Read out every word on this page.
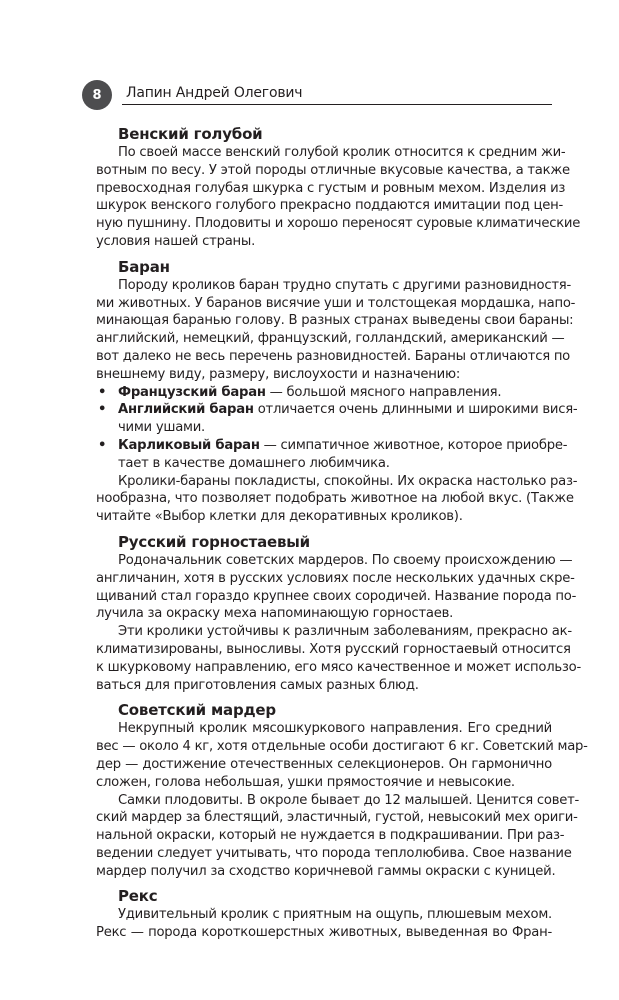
8	Лапин Андрей Олегович
Венский голубой
По своей массе венский голубой кролик относится к средним жи-
вотным по весу. У этой породы отличные вкусовые качества, а также
превосходная голубая шкурка с густым и ровным мехом. Изделия из
шкурок венского голубого прекрасно поддаются имитации под цен-
ную пушнину. Плодовиты и хорошо переносят суровые климатические
условия нашей страны.
Баран
Породу кроликов баран трудно спутать с другими разновидностя-
ми животных. У баранов висячие уши и толстощекая мордашка, напо-
минающая баранью голову. В разных странах выведены свои бараны:
английский, немецкий, французский, голландский, американский —
вот далеко не весь перечень разновидностей. Бараны отличаются по
внешнему виду, размеру, вислоухости и назначению:
• Французский баран — большой мясного направления.
• Английский баран отличается очень длинными и широкими вися-
чими ушами.
• Карликовый баран — симпатичное животное, которое приобре-
тает в качестве домашнего любимчика.
Кролики-бараны покладисты, спокойны. Их окраска настолько раз-
нообразна, что позволяет подобрать животное на любой вкус. (Также
читайте «Выбор клетки для декоративных кроликов).
Русский горностаевый
Родоначальник советских мардеров. По своему происхождению —
англичанин, хотя в русских условиях после нескольких удачных скре-
щиваний стал гораздо крупнее своих сородичей. Название порода по-
лучила за окраску меха напоминающую горностаев.
Эти кролики устойчивы к различным заболеваниям, прекрасно ак-
климатизированы, выносливы. Хотя русский горностаевый относится
к шкурковому направлению, его мясо качественное и может использо-
ваться для приготовления самых разных блюд.
Советский мардер
Некрупный кролик мясошкуркового направления. Его средний
вес — около 4 кг, хотя отдельные особи достигают 6 кг. Советский мар-
дер — достижение отечественных селекционеров. Он гармонично
сложен, голова небольшая, ушки прямостоячие и невысокие.
Самки плодовиты. В окроле бывает до 12 малышей. Ценится совет-
ский мардер за блестящий, эластичный, густой, невысокий мех ориги-
нальной окраски, который не нуждается в подкрашивании. При раз-
ведении следует учитывать, что порода теплолюбива. Свое название
мардер получил за сходство коричневой гаммы окраски с куницей.
Рекс
Удивительный кролик с приятным на ощупь, плюшевым мехом.
Рекс — порода короткошерстных животных, выведенная во Фран-
